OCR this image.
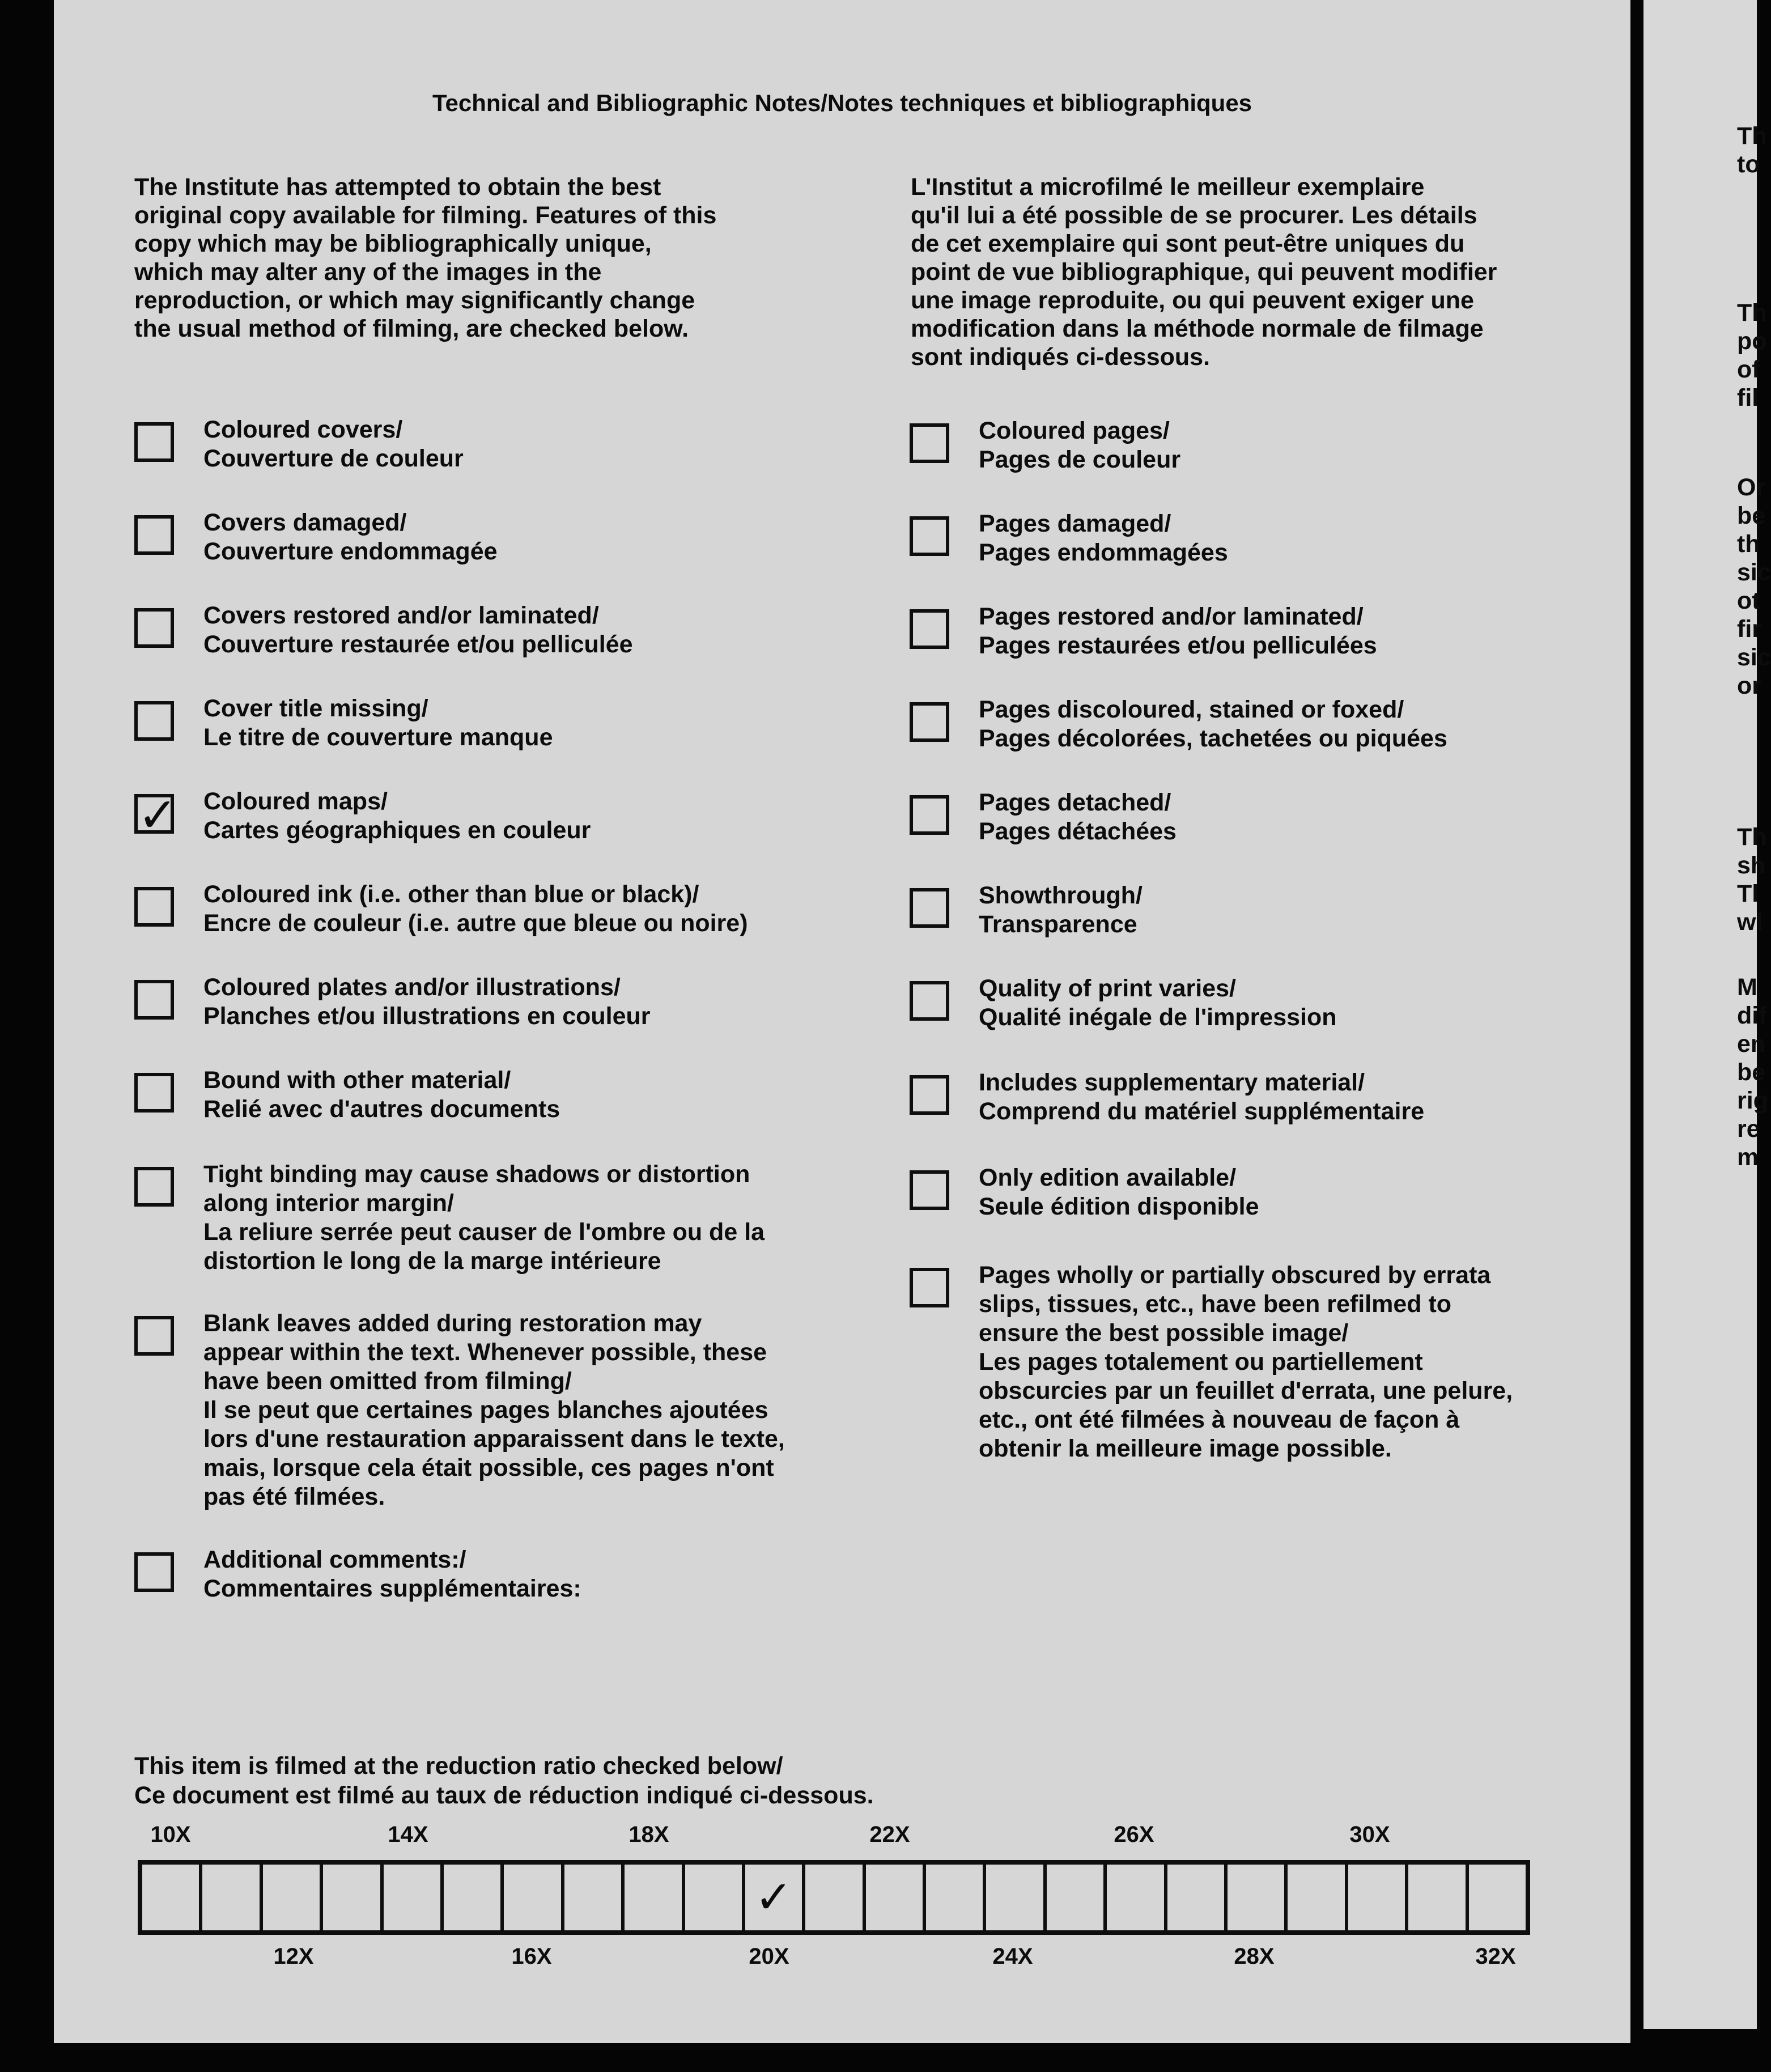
Technical and Bibliographic Notes/Notes techniques et bibliographiques
The Institute has attempted to obtain the best
original copy available for filming. Features of this
copy which may be bibliographically unique,
which may alter any of the images in the
reproduction, or which may significantly change
the usual method of filming, are checked below.
L'Institut a microfilmé le meilleur exemplaire
qu'il lui a été possible de se procurer. Les détails
de cet exemplaire qui sont peut-être uniques du
point de vue bibliographique, qui peuvent modifier
une image reproduite, ou qui peuvent exiger une
modification dans la méthode normale de filmage
sont indiqués ci-dessous.
Coloured covers/
Couverture de couleur
Covers damaged/
Couverture endommagée
Covers restored and/or laminated/
Couverture restaurée et/ou pelliculée
Cover title missing/
Le titre de couverture manque
✓ Coloured maps/
Cartes géographiques en couleur
Coloured ink (i.e. other than blue or black)/
Encre de couleur (i.e. autre que bleue ou noire)
Coloured plates and/or illustrations/
Planches et/ou illustrations en couleur
Bound with other material/
Relié avec d'autres documents
Tight binding may cause shadows or distortion
along interior margin/
La reliure serrée peut causer de l'ombre ou de la
distortion le long de la marge intérieure
Blank leaves added during restoration may
appear within the text. Whenever possible, these
have been omitted from filming/
Il se peut que certaines pages blanches ajoutées
lors d'une restauration apparaissent dans le texte,
mais, lorsque cela était possible, ces pages n'ont
pas été filmées.
Additional comments:/
Commentaires supplémentaires:
Coloured pages/
Pages de couleur
Pages damaged/
Pages endommagées
Pages restored and/or laminated/
Pages restaurées et/ou pelliculées
Pages discoloured, stained or foxed/
Pages décolorées, tachetées ou piquées
Pages detached/
Pages détachées
Showthrough/
Transparence
Quality of print varies/
Qualité inégale de l'impression
Includes supplementary material/
Comprend du matériel supplémentaire
Only edition available/
Seule édition disponible
Pages wholly or partially obscured by errata
slips, tissues, etc., have been refilmed to
ensure the best possible image/
Les pages totalement ou partiellement
obscurcies par un feuillet d'errata, une pelure,
etc., ont été filmées à nouveau de façon à
obtenir la meilleure image possible.
This item is filmed at the reduction ratio checked below/
Ce document est filmé au taux de réduction indiqué ci-dessous.
10X	14X	18X	22X	26X	30X
✓
12X	16X	20X	24X	28X	32X
Th
to
Th
po
of
fil
Or
be
th
sic
ot
fir
sic
or
Th
sh
Tl
wl
M
dif
en
be
rig
re
m
